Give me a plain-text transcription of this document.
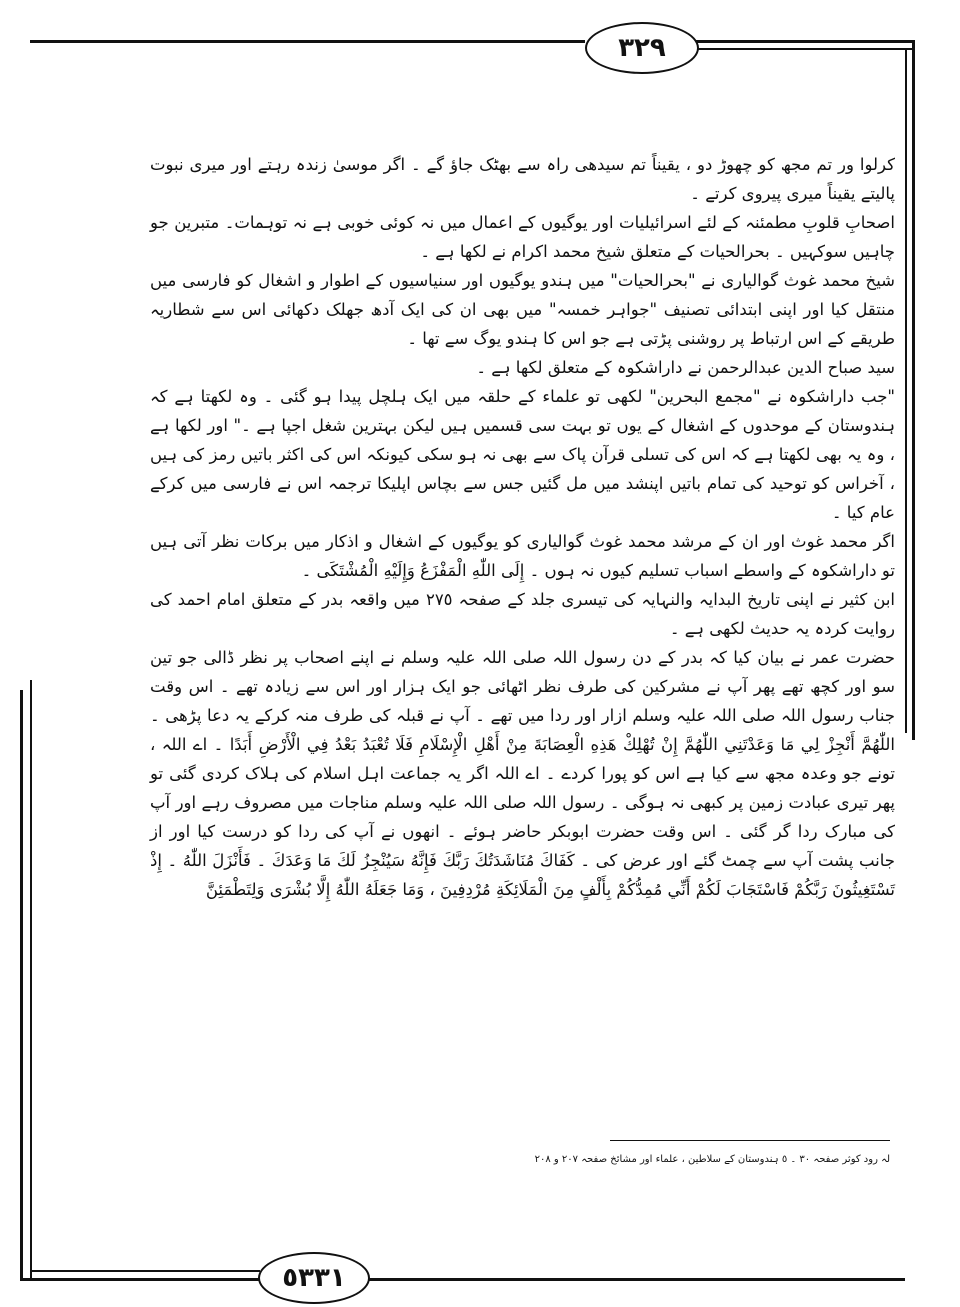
٣٢٩

کرلوا ور تم مجھ کو چھوڑ دو ، یقیناً تم سیدھی راہ سے بھٹک جاؤ گے ۔ اگر موسیٰ زندہ رہتے اور میری نبوت پالیتے یقیناً میری پیروی کرتے ۔

اصحابِ قلوبِ مطمئنہ کے لئے اسرائیلیات اور یوگیوں کے اعمال میں نہ کوئی خوبی ہے نہ توہمات۔ متبرین جو چاہیں سوکہیں ۔ بحرالحیات کے متعلق شیخ محمد اکرام نے لکھا ہے ۔

شیخ محمد غوث گوالیاری نے "بحرالحیات" میں ہندو یوگیوں اور سنیاسیوں کے اطوار و اشغال کو فارسی میں منتقل کیا اور اپنی ابتدائی تصنیف "جواہر خمسہ" میں بھی ان کی ایک آدھ جھلک دکھائی اس سے شطاریہ طریقے کے اس ارتباط پر روشنی پڑتی ہے جو اس کا ہندو یوگ سے تھا ۔

سید صباح الدین عبدالرحمن نے داراشکوہ کے متعلق لکھا ہے ۔

"جب داراشکوہ نے "مجمع البحرین" لکھی تو علماء کے حلقہ میں ایک ہلچل پیدا ہو گئی ۔ وہ لکھتا ہے کہ ہندوستان کے موحدوں کے اشغال کے یوں تو بہت سی قسمیں ہیں لیکن بہترین شغل اجپا ہے ۔" اور لکھا ہے ، وہ یہ بھی لکھتا ہے کہ اس کی تسلی قرآن پاک سے بھی نہ ہو سکی کیونکہ اس کی اکثر باتیں رمز کی ہیں ، آخراس کو توحید کی تمام باتیں اپنشد میں مل گئیں جس سے بچاس اپلیکا ترجمہ اس نے فارسی میں کرکے عام کیا ۔

اگر محمد غوث اور ان کے مرشد محمد غوث گوالیاری کو یوگیوں کے اشغال و اذکار میں برکات نظر آتی ہیں تو داراشکوہ کے واسطے اسباب تسلیم کیوں نہ ہوں ۔ إِلَى اللّٰهِ الْمَفْزَعُ وَإِلَيْهِ الْمُشْتَكَى ۔

ابن کثیر نے اپنی تاریخ البدایہ والنہایہ کی تیسری جلد کے صفحہ ٢٧٥ میں واقعہ بدر کے متعلق امام احمد کی روایت کردہ یہ حدیث لکھی ہے ۔

حضرت عمر نے بیان کیا کہ بدر کے دن رسول اللہ صلی اللہ علیہ وسلم نے اپنے اصحاب پر نظر ڈالی جو تین سو اور کچھ تھے پھر آپ نے مشرکین کی طرف نظر اٹھائی جو ایک ہزار اور اس سے زیادہ تھے ۔ اس وقت جناب رسول اللہ صلی اللہ علیہ وسلم ازار اور ردا میں تھے ۔ آپ نے قبلہ کی طرف منہ کرکے یہ دعا پڑھی ۔ اللّٰهُمَّ أَنْجِزْ لِي مَا وَعَدْتَنِي اللّٰهُمَّ إِنْ تُهْلِكْ هَذِهِ الْعِصَابَةَ مِنْ أَهْلِ الْإِسْلَامِ فَلَا تُعْبَدُ بَعْدُ فِي الْأَرْضِ أَبَدًا ۔ اے اللہ ، تونے جو وعدہ مجھ سے کیا ہے اس کو پورا کردے ۔ اے اللہ اگر یہ جماعت اہل اسلام کی ہلاک کردی گئی تو پھر تیری عبادت زمین پر کبھی نہ ہوگی ۔ رسول اللہ صلی اللہ علیہ وسلم مناجات میں مصروف رہے اور آپ کی مبارک ردا گر گئی ۔ اس وقت حضرت ابوبکر حاضر ہوئے ۔ انھوں نے آپ کی ردا کو درست کیا اور از جانب پشت آپ سے چمٹ گئے اور عرض کی ۔ كَفَاكَ مُنَاشَدَتُكَ رَبَّكَ فَإِنَّهُ سَيُنْجِزُ لَكَ مَا وَعَدَكَ ۔ فَأَنْزَلَ اللّٰهُ ۔ إِذْ تَسْتَغِيثُونَ رَبَّكُمْ فَاسْتَجَابَ لَكُمْ أَنِّي مُمِدُّكُمْ بِأَلْفٍ مِنَ الْمَلَائِكَةِ مُرْدِفِينَ ، وَمَا جَعَلَهُ اللّٰهُ إِلَّا بُشْرَى وَلِتَطْمَئِنَّ

لہ رود کوثر صفحہ ٣٠ ۔ ٥ ہندوستان کے سلاطین ، علماء اور مشائخ صفحہ ٢٠٧ و ٢٠٨
٥٣٣١
